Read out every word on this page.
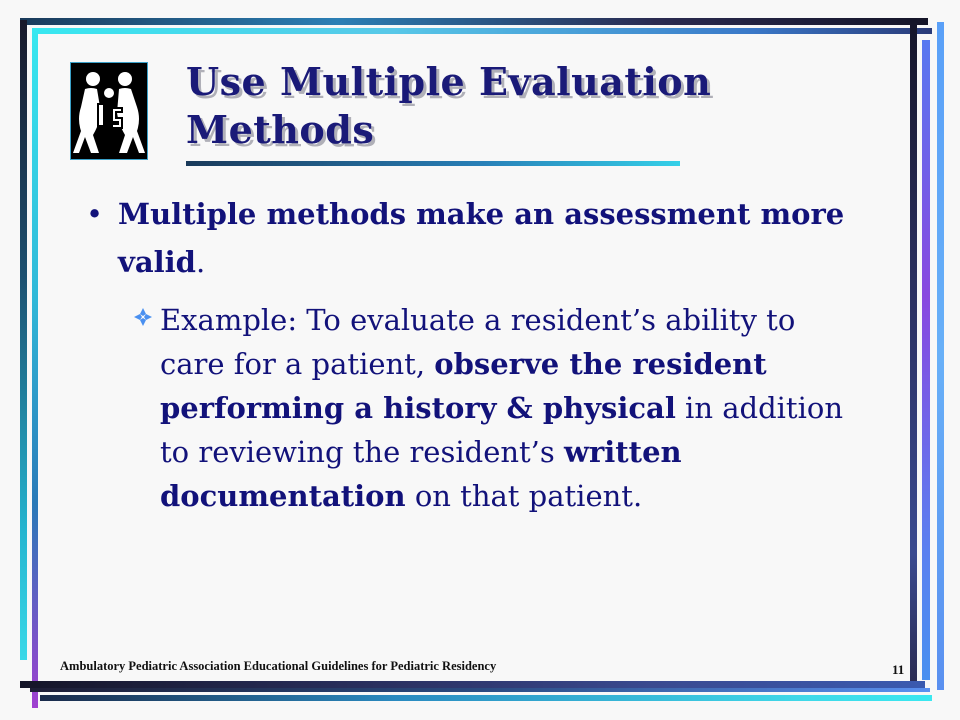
Use Multiple Evaluation
Methods
• Multiple methods make an assessment more valid.
Example: To evaluate a resident’s ability to care for a patient, observe the resident performing a history & physical in addition to reviewing the resident’s written documentation on that patient.
Ambulatory Pediatric Association Educational Guidelines for Pediatric Residency	11
